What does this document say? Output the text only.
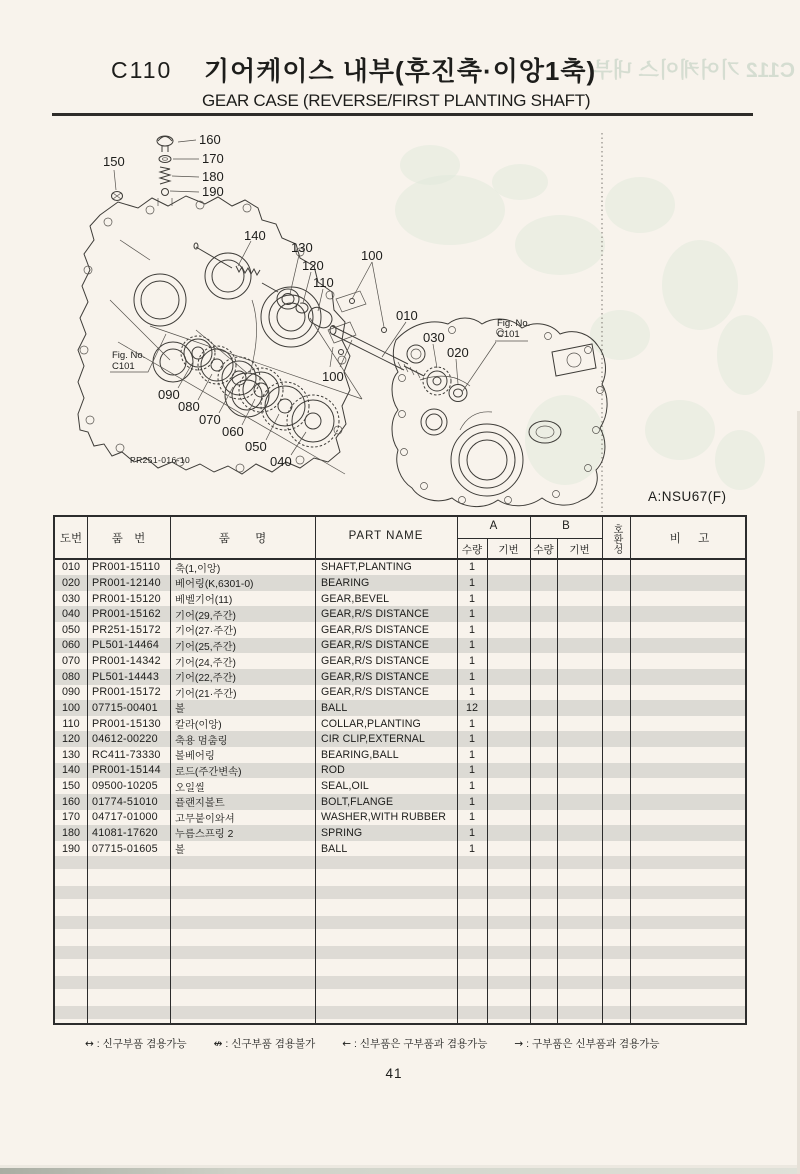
C112 기어케이스 내부
C110 기어케이스 내부(후진축·이앙1축)
GEAR CASE (REVERSE/FIRST PLANTING SHAFT)
150
160
170
180
190
140
130
120
110
100
010
030
020
100
090
080
070
060
050
040
Fig. No.
C101
Fig. No.
C101
PR251-016-10
A:NSU67(F)
도번	품 번	품 명	PART NAME
A	B
수량	기번	수량	기번	호환성	비 고
010	PR001-15110	축(1,이앙)	SHAFT,PLANTING	1
020	PR001-12140	베어링(K,6301-0)	BEARING	1
030	PR001-15120	베벨기어(11)	GEAR,BEVEL	1
040	PR001-15162	기어(29,주간)	GEAR,R/S DISTANCE	1
050	PR251-15172	기어(27·주간)	GEAR,R/S DISTANCE	1
060	PL501-14464	기어(25,주간)	GEAR,R/S DISTANCE	1
070	PR001-14342	기어(24,주간)	GEAR,R/S DISTANCE	1
080	PL501-14443	기어(22,주간)	GEAR,R/S DISTANCE	1
090	PR001-15172	기어(21·주간)	GEAR,R/S DISTANCE	1
100	07715-00401	볼	BALL	12
110	PR001-15130	칼라(이앙)	COLLAR,PLANTING	1
120	04612-00220	축용 멈춤링	CIR CLIP,EXTERNAL	1
130	RC411-73330	볼베어링	BEARING,BALL	1
140	PR001-15144	로드(주간변속)	ROD	1
150	09500-10205	오일씰	SEAL,OIL	1
160	01774-51010	플랜지볼트	BOLT,FLANGE	1
170	04717-01000	고무붙이와셔	WASHER,WITH RUBBER	1
180	41081-17620	누름스프링 2	SPRING	1
190	07715-01605	볼	BALL	1
↔ : 신구부품 겸용가능	↮ : 신구부품 겸용불가	← : 신부품은 구부품과 겸용가능	→ : 구부품은 신부품과 겸용가능
41
